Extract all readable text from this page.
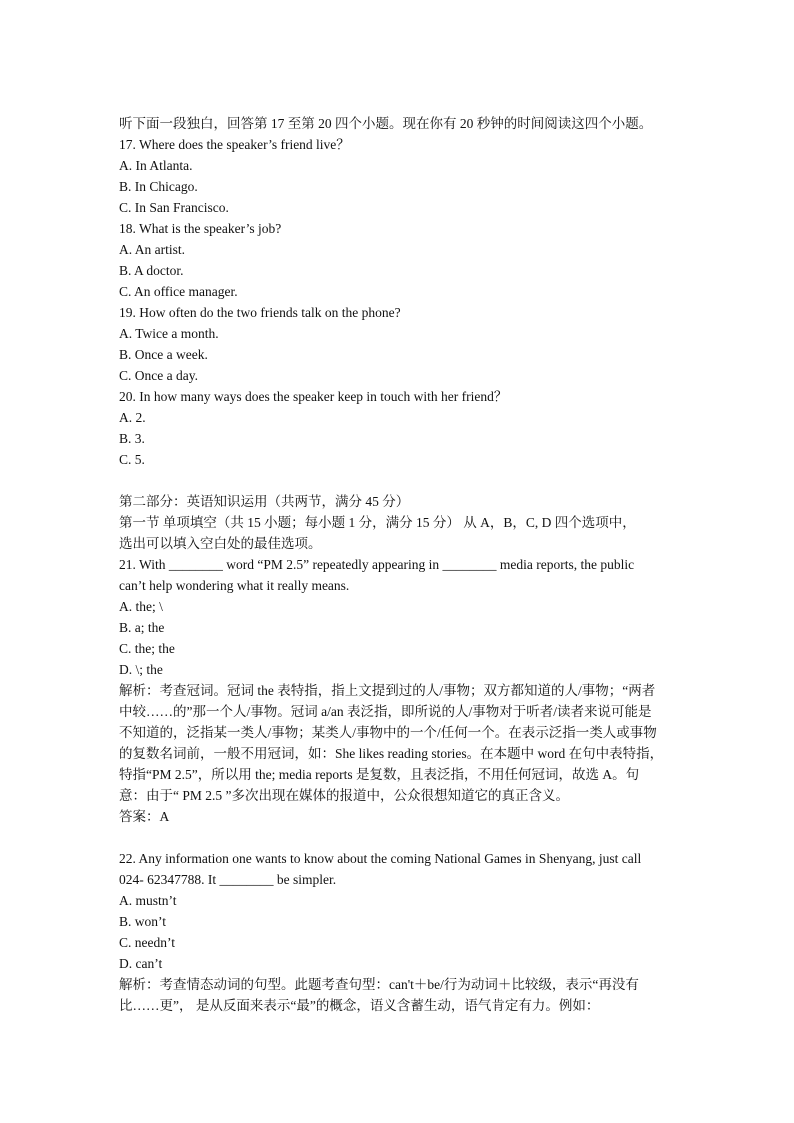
听下面一段独白，回答第 17 至第 20 四个小题。现在你有 20 秒钟的时间阅读这四个小题。
17. Where does the speaker’s friend live？
A. In Atlanta.
B. In Chicago.
C. In San Francisco.
18. What is the speaker’s job?
A. An artist.
B. A doctor.
C. An office manager.
19. How often do the two friends talk on the phone?
A. Twice a month.
B. Once a week.
C. Once a day.
20. In how many ways does the speaker keep in touch with her friend？
A. 2.
B. 3.
C. 5.
第二部分：英语知识运用（共两节，满分 45 分）
第一节 单项填空（共 15 小题；每小题 1 分，满分 15 分） 从 A，B，C, D 四个选项中，
选出可以填入空白处的最佳选项。
21. With ________ word “PM 2.5” repeatedly appearing in ________ media reports, the public
can’t help wondering what it really means.
A. the; \
B. a; the
C. the; the
D. \; the
解析：考查冠词。冠词 the 表特指，指上文提到过的人/事物；双方都知道的人/事物；“两者
中较……的”那一个人/事物。冠词 a/an 表泛指，即所说的人/事物对于听者/读者来说可能是
不知道的，泛指某一类人/事物；某类人/事物中的一个/任何一个。在表示泛指一类人或事物
的复数名词前，一般不用冠词，如：She likes reading stories。在本题中 word 在句中表特指，
特指“PM 2.5”，所以用 the; media reports 是复数，且表泛指，不用任何冠词，故选 A。句
意：由于“ PM 2.5 ”多次出现在媒体的报道中，公众很想知道它的真正含义。
答案：A
22. Any information one wants to know about the coming National Games in Shenyang, just call
024- 62347788. It ________ be simpler.
A. mustn’t
B. won’t
C. needn’t
D. can’t
解析：考查情态动词的句型。此题考查句型：can't＋be/行为动词＋比较级，表示“再没有
比……更”， 是从反面来表示“最”的概念，语义含蓄生动，语气肯定有力。例如：
